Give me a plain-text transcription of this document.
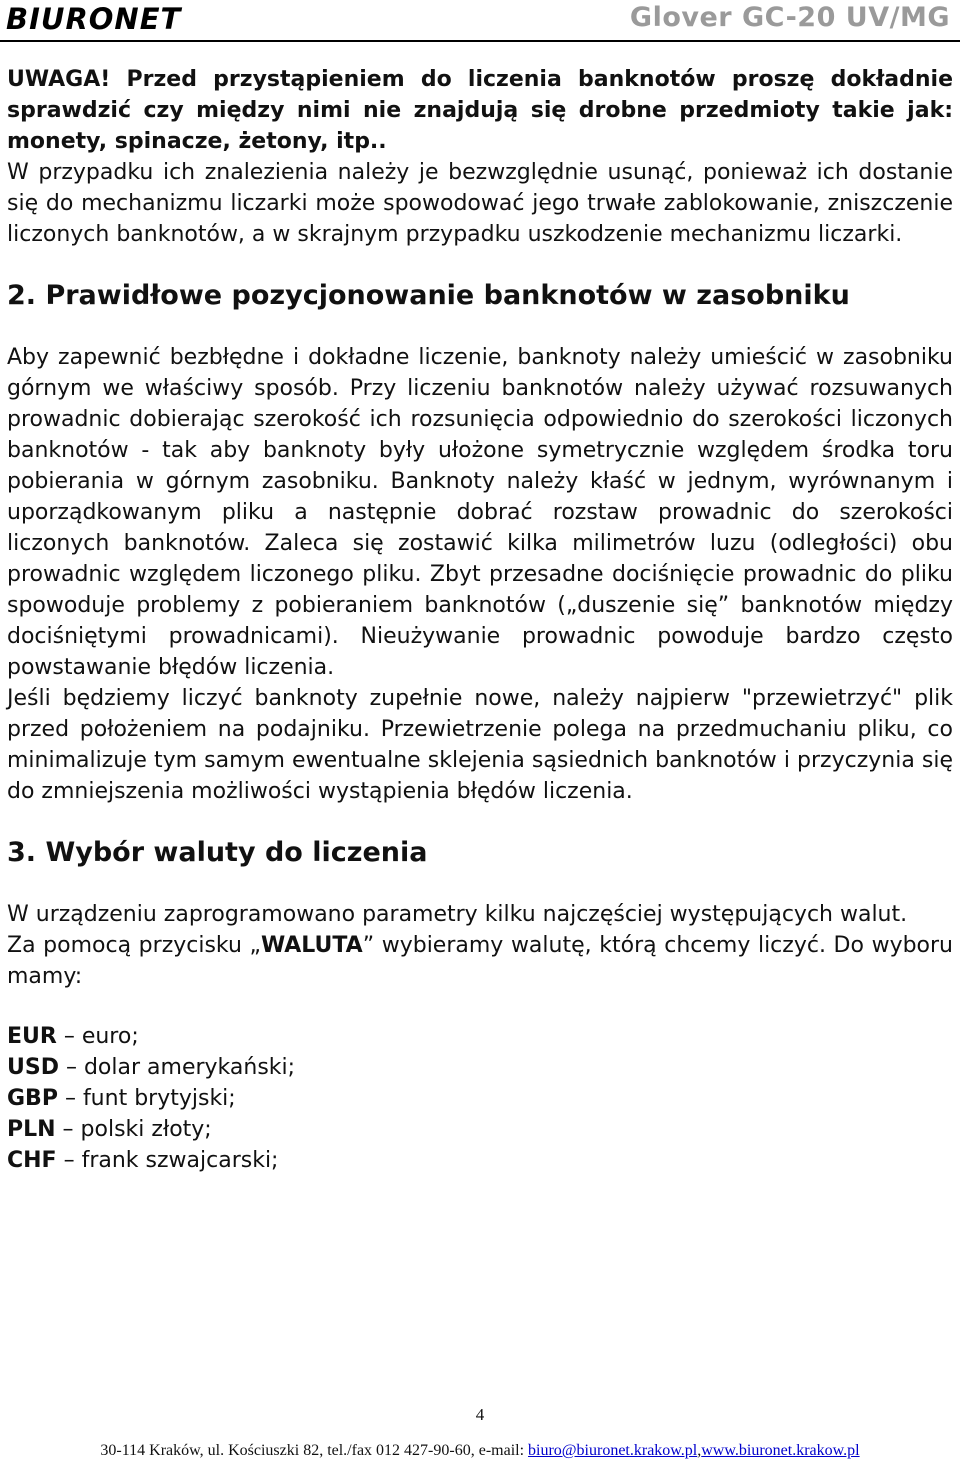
BIURONET	Glover GC-20 UV/MG

UWAGA! Przed przystąpieniem do liczenia banknotów proszę dokładnie sprawdzić czy między nimi nie znajdują się drobne przedmioty takie jak: monety, spinacze, żetony, itp..

W przypadku ich znalezienia należy je bezwzględnie usunąć, ponieważ ich dostanie się do mechanizmu liczarki może spowodować jego trwałe zablokowanie, zniszczenie liczonych banknotów, a w skrajnym przypadku uszkodzenie mechanizmu liczarki.

2. Prawidłowe pozycjonowanie banknotów w zasobniku

Aby zapewnić bezbłędne i dokładne liczenie, banknoty należy umieścić w zasobniku górnym we właściwy sposób. Przy liczeniu banknotów należy używać rozsuwanych prowadnic dobierając szerokość ich rozsunięcia odpowiednio do szerokości liczonych banknotów - tak aby banknoty były ułożone symetrycznie względem środka toru pobierania w górnym zasobniku. Banknoty należy kłaść w jednym, wyrównanym i uporządkowanym pliku a następnie dobrać rozstaw prowadnic do szerokości liczonych banknotów. Zaleca się zostawić kilka milimetrów luzu (odległości) obu prowadnic względem liczonego pliku. Zbyt przesadne dociśnięcie prowadnic do pliku spowoduje problemy z pobieraniem banknotów („duszenie się” banknotów między dociśniętymi prowadnicami). Nieużywanie prowadnic powoduje bardzo często powstawanie błędów liczenia.

Jeśli będziemy liczyć banknoty zupełnie nowe, należy najpierw "przewietrzyć" plik przed położeniem na podajniku. Przewietrzenie polega na przedmuchaniu pliku, co minimalizuje tym samym ewentualne sklejenia sąsiednich banknotów i przyczynia się do zmniejszenia możliwości wystąpienia błędów liczenia.

3. Wybór waluty do liczenia

W urządzeniu zaprogramowano parametry kilku najczęściej występujących walut.

Za pomocą przycisku „WALUTA” wybieramy walutę, którą chcemy liczyć. Do wyboru mamy:

EUR – euro;

USD – dolar amerykański;

GBP – funt brytyjski;

PLN – polski złoty;

CHF – frank szwajcarski;

4
30-114 Kraków, ul. Kościuszki 82, tel./fax 012 427-90-60, e-mail: biuro@biuronet.krakow.pl,www.biuronet.krakow.pl
